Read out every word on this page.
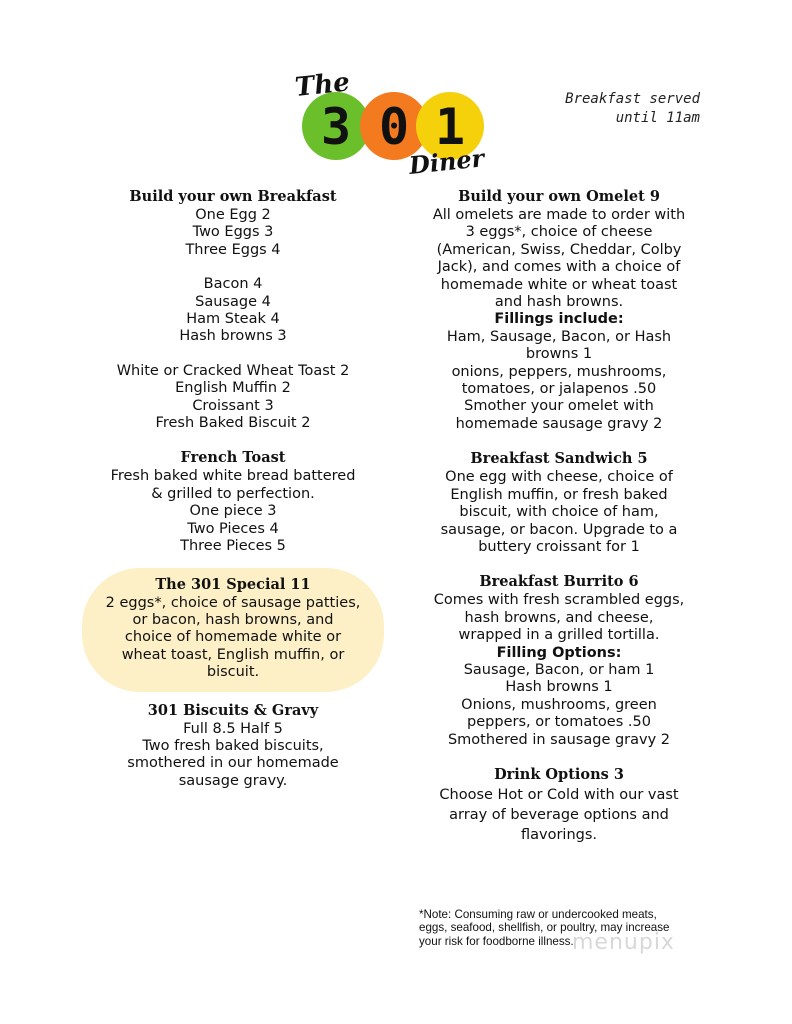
The
3 0 1
Diner
Breakfast served
until 11am
Build your own Breakfast
One Egg 2
Two Eggs 3
Three Eggs 4
Bacon 4
Sausage 4
Ham Steak 4
Hash browns 3
White or Cracked Wheat Toast 2
English Muffin 2
Croissant 3
Fresh Baked Biscuit 2
French Toast
Fresh baked white bread battered
& grilled to perfection.
One piece 3
Two Pieces 4
Three Pieces 5
The 301 Special 11
2 eggs*, choice of sausage patties,
or bacon, hash browns, and
choice of homemade white or
wheat toast, English muffin, or
biscuit.
301 Biscuits & Gravy
Full 8.5 Half 5
Two fresh baked biscuits,
smothered in our homemade
sausage gravy.
Build your own Omelet 9
All omelets are made to order with
3 eggs*, choice of cheese
(American, Swiss, Cheddar, Colby
Jack), and comes with a choice of
homemade white or wheat toast
and hash browns.
Fillings include:
Ham, Sausage, Bacon, or Hash
browns 1
onions, peppers, mushrooms,
tomatoes, or jalapenos .50
Smother your omelet with
homemade sausage gravy 2
Breakfast Sandwich 5
One egg with cheese, choice of
English muffin, or fresh baked
biscuit, with choice of ham,
sausage, or bacon. Upgrade to a
buttery croissant for 1
Breakfast Burrito 6
Comes with fresh scrambled eggs,
hash browns, and cheese,
wrapped in a grilled tortilla.
Filling Options:
Sausage, Bacon, or ham 1
Hash browns 1
Onions, mushrooms, green
peppers, or tomatoes .50
Smothered in sausage gravy 2
Drink Options 3
Choose Hot or Cold with our vast
array of beverage options and
flavorings.
*Note: Consuming raw or undercooked meats,
eggs, seafood, shellfish, or poultry, may increase
your risk for foodborne illness.
menupix
